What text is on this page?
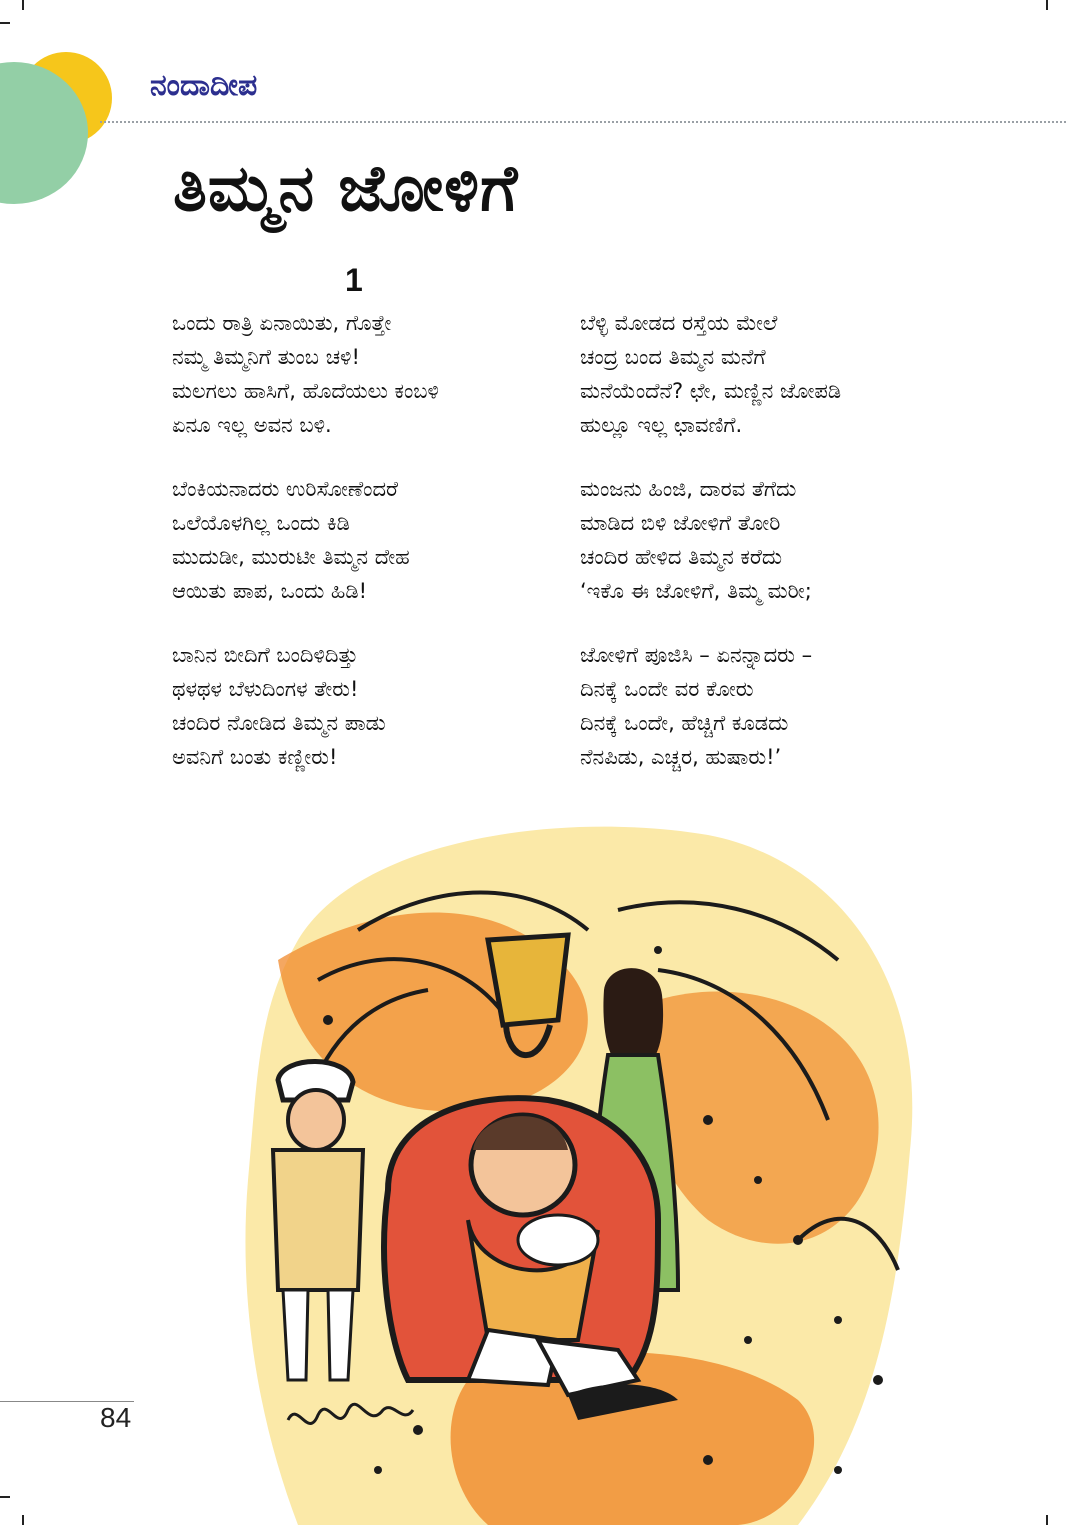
ನಂದಾದೀಪ
ತಿಮ್ಮನ ಜೋಳಿಗೆ
1
ಒಂದು ರಾತ್ರಿ ಏನಾಯಿತು, ಗೊತ್ತೇ
ನಮ್ಮ ತಿಮ್ಮನಿಗೆ ತುಂಬ ಚಳಿ!
ಮಲಗಲು ಹಾಸಿಗೆ, ಹೊದೆಯಲು ಕಂಬಳಿ
ಏನೂ ಇಲ್ಲ ಅವನ ಬಳಿ.
ಬೆಂಕಿಯನಾದರು ಉರಿಸೋಣೆಂದರೆ
ಒಲೆಯೊಳಗಿಲ್ಲ ಒಂದು ಕಿಡಿ
ಮುದುಡೀ, ಮುರುಟೀ ತಿಮ್ಮನ ದೇಹ
ಆಯಿತು ಪಾಪ, ಒಂದು ಹಿಡಿ!
ಬಾನಿನ ಬೀದಿಗೆ ಬಂದಿಳಿದಿತ್ತು
ಥಳಥಳ ಬೆಳುದಿಂಗಳ ತೇರು!
ಚಂದಿರ ನೋಡಿದ ತಿಮ್ಮನ ಪಾಡು
ಅವನಿಗೆ ಬಂತು ಕಣ್ಣೀರು!
ಬೆಳ್ಳಿ ಮೋಡದ ರಸ್ತೆಯ ಮೇಲೆ
ಚಂದ್ರ ಬಂದ ತಿಮ್ಮನ ಮನೆಗೆ
ಮನೆಯೆಂದೆನೆ? ಛೇ, ಮಣ್ಣಿನ ಜೋಪಡಿ
ಹುಲ್ಲೂ ಇಲ್ಲ ಛಾವಣಿಗೆ.
ಮಂಜನು ಹಿಂಜಿ, ದಾರವ ತೆಗೆದು
ಮಾಡಿದ ಬಿಳಿ ಜೋಳಿಗೆ ತೋರಿ
ಚಂದಿರ ಹೇಳಿದ ತಿಮ್ಮನ ಕರೆದು
‘ಇಕೊ ಈ ಜೋಳಿಗೆ, ತಿಮ್ಮ ಮರೀ;
ಜೋಳಿಗೆ ಪೂಜಿಸಿ – ಏನನ್ನಾದರು –
ದಿನಕ್ಕೆ ಒಂದೇ ವರ ಕೋರು
ದಿನಕ್ಕೆ ಒಂದೇ, ಹೆಚ್ಚಿಗೆ ಕೂಡದು
ನೆನಪಿಡು, ಎಚ್ಚರ, ಹುಷಾರು!’
84
